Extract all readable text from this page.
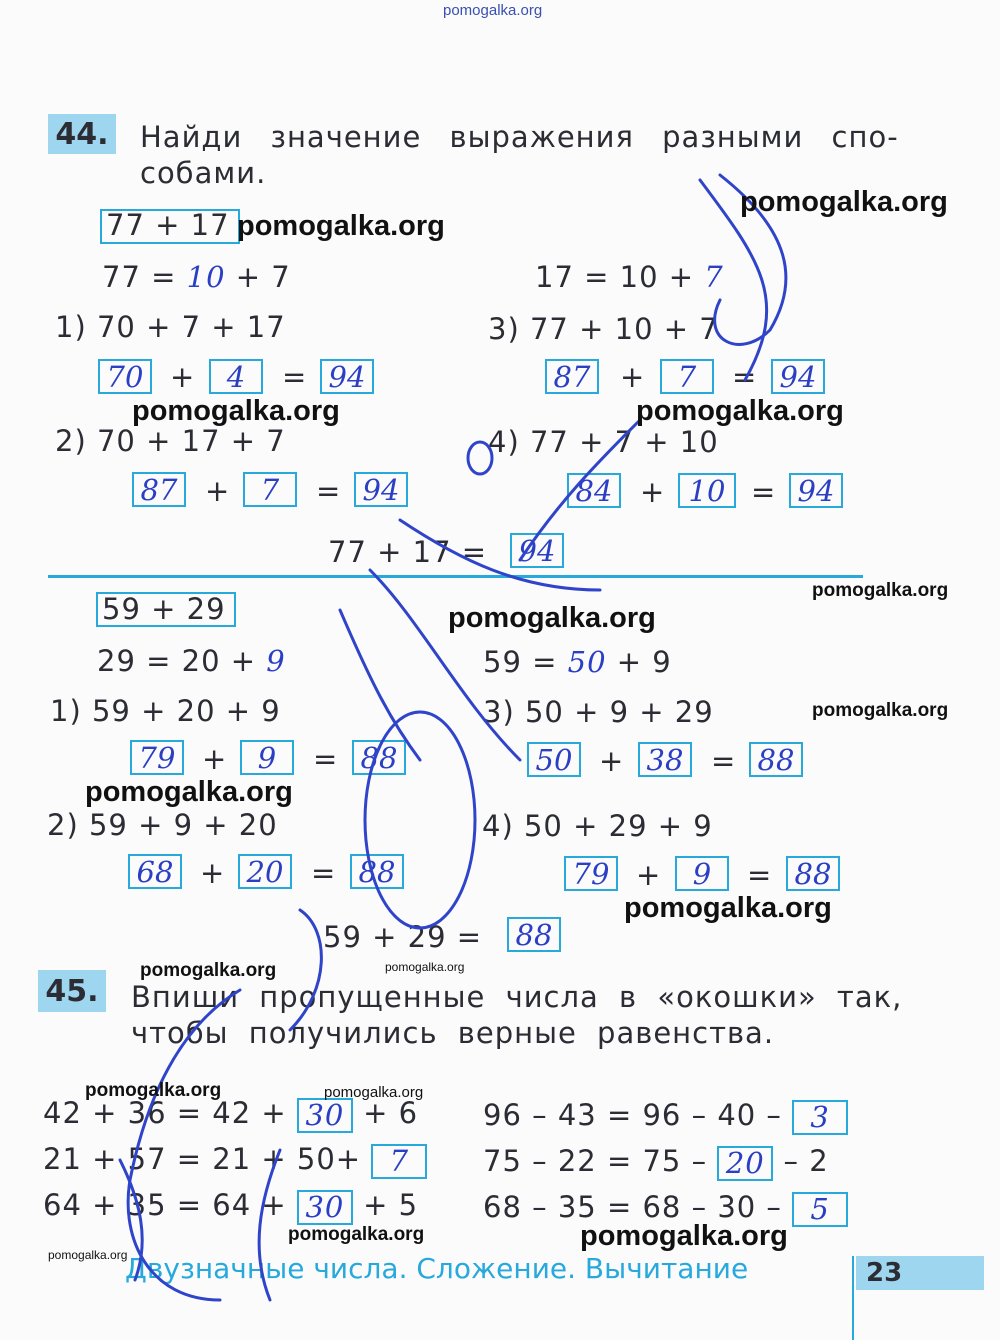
pomogalka.org
44. Найди значение выражения разными спо-
собами.
77 + 17
77 = 10 + 7	17 = 10 + 7
1) 70 + 7 + 17
2) 70 + 17 + 7
3) 77 + 10 + 7
4) 77 + 7 + 10
70 +	4	= 94
87 +	7	= 94
87 +	7	= 94
84 + 10 = 94
77 + 17 = 94
59 + 29
29 = 20 + 9	59 = 50 + 9
1) 59 + 20 + 9
2) 59 + 9 + 20
3) 50 + 9 + 29
4) 50 + 29 + 9
79 +	9	= 88
68 + 20 = 88
50 + 38 = 88
79 +	9	= 88
59 + 29 = 88
45. Впиши пропущенные числа в «окошки» так,
чтобы получились верные равенства.
42 + 36 = 42 + 30 + 6
21 + 57 = 21 + 50+ 7
64 + 35 = 64 + 30 + 5
96 – 43 = 96 – 40 – 3
75 – 22 = 75 – 20 – 2
68 – 35 = 68 – 30 – 5
Двузначные числа. Сложение. Вычитание	23
pomogalka.org
pomogalka.org
pomogalka.org	pomogalka.org
pomogalka.org
pomogalka.org
pomogalka.org
pomogalka.org
pomogalka.org
pomogalka.org	pomogalka.org
pomogalka.org	pomogalka.org
pomogalka.org	pomogalka.org
pomogalka.org
